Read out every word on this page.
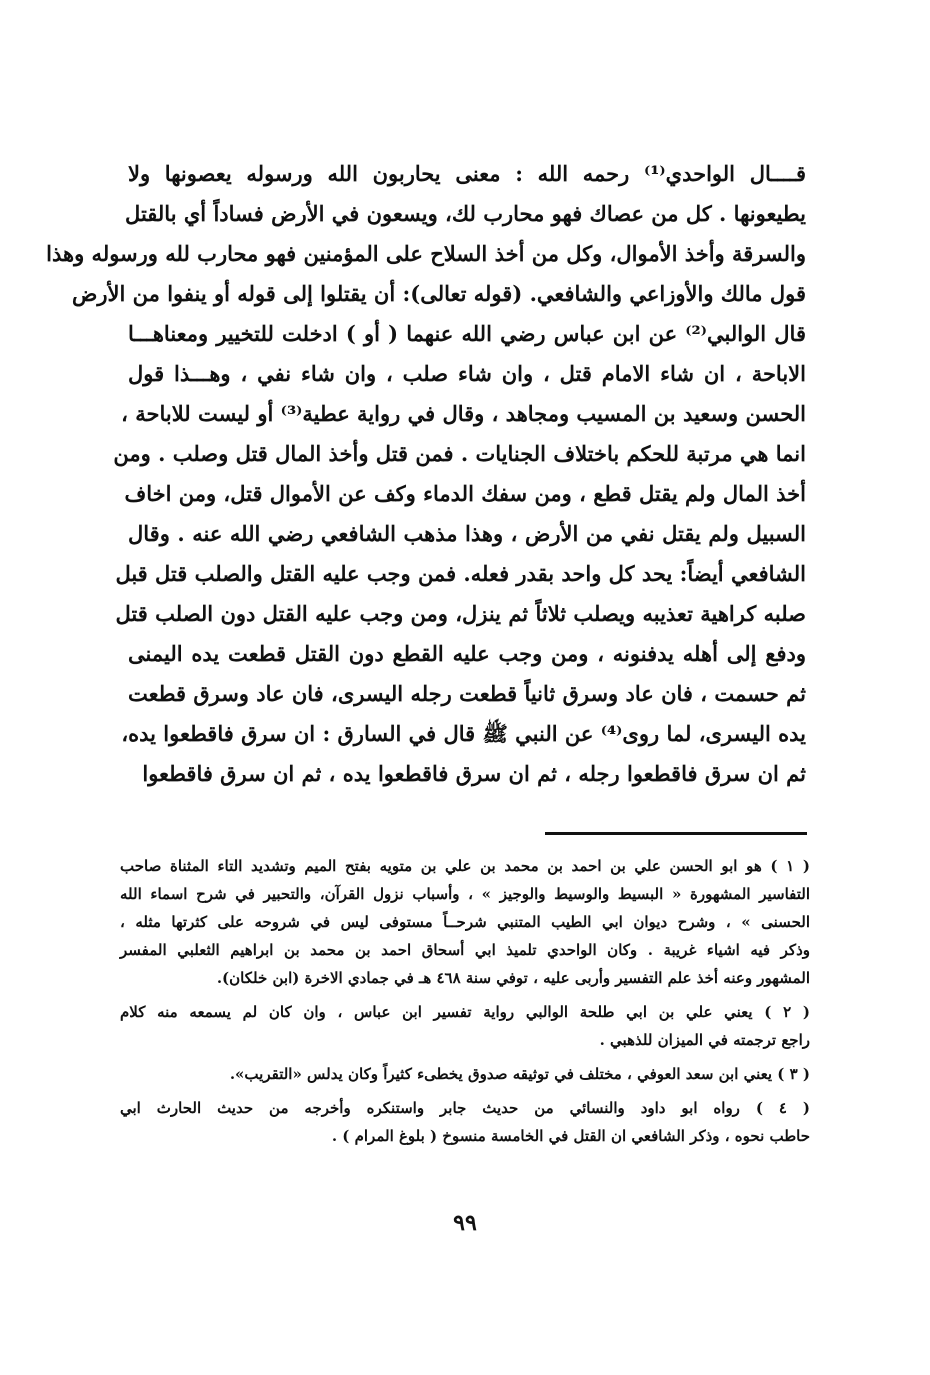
قــــال الواحدي⁽¹⁾ رحمه الله : معنى يحاربون الله ورسوله يعصونها ولا
يطيعونها . كل من عصاك فهو محارب لك، ويسعون في الأرض فساداً أي بالقتل
والسرقة وأخذ الأموال، وكل من أخذ السلاح على المؤمنين فهو محارب لله ورسوله وهذا
قول مالك والأوزاعي والشافعي. (قوله تعالى): أن يقتلوا إلى قوله أو ينفوا من الأرض
قال الوالبي⁽²⁾ عن ابن عباس رضي الله عنهما ( أو ) ادخلت للتخيير ومعناهـــا
الاباحة ، ان شاء الامام قتل ، وان شاء صلب ، وان شاء نفي ، وهـــذا قول
الحسن وسعيد بن المسيب ومجاهد ، وقال في رواية عطية⁽³⁾ أو ليست للاباحة ،
انما هي مرتبة للحكم باختلاف الجنايات . فمن قتل وأخذ المال قتل وصلب . ومن
أخذ المال ولم يقتل قطع ، ومن سفك الدماء وكف عن الأموال قتل، ومن اخاف
السبيل ولم يقتل نفي من الأرض ، وهذا مذهب الشافعي رضي الله عنه . وقال
الشافعي أيضاً: يحد كل واحد بقدر فعله. فمن وجب عليه القتل والصلب قتل قبل
صلبه كراهية تعذيبه ويصلب ثلاثاً ثم ينزل، ومن وجب عليه القتل دون الصلب قتل
ودفع إلى أهله يدفنونه ، ومن وجب عليه القطع دون القتل قطعت يده اليمنى
ثم حسمت ، فان عاد وسرق ثانياً قطعت رجله اليسرى، فان عاد وسرق قطعت
يده اليسرى، لما روى⁽⁴⁾ عن النبي ﷺ قال في السارق : ان سرق فاقطعوا يده،
ثم ان سرق فاقطعوا رجله ، ثم ان سرق فاقطعوا يده ، ثم ان سرق فاقطعوا
( ١ ) هو ابو الحسن علي بن احمد بن محمد بن علي بن متويه بفتح الميم وتشديد التاء المثناة صاحب
التفاسير المشهورة « البسيط والوسيط والوجيز » ، وأسباب نزول القرآن، والتحبير في شرح اسماء الله
الحسنى » ، وشرح ديوان ابي الطيب المتنبي شرحــاً مستوفى ليس في شروحه على كثرتها مثله ،
وذكر فيه اشياء غريبة . وكان الواحدي تلميذ ابي أسحاق احمد بن محمد بن ابراهيم الثعلبي المفسر
المشهور وعنه أخذ علم التفسير وأربى عليه ، توفي سنة ٤٦٨ هـ في جمادي الاخرة (ابن خلكان).
( ٢ ) يعني علي بن ابي طلحة الوالبي رواية تفسير ابن عباس ، وان كان لم يسمعه منه كلام
راجع ترجمته في الميزان للذهبي .
( ٣ ) يعني ابن سعد العوفي ، مختلف في توثيقه صدوق يخطىء كثيراً وكان يدلس «التقريب».
( ٤ ) رواه ابو داود والنسائي من حديث جابر واستنكره وأخرجه من حديث الحارث ابي
حاطب نحوه ، وذكر الشافعي ان القتل في الخامسة منسوخ ( بلوغ المرام ) .
٩٩
